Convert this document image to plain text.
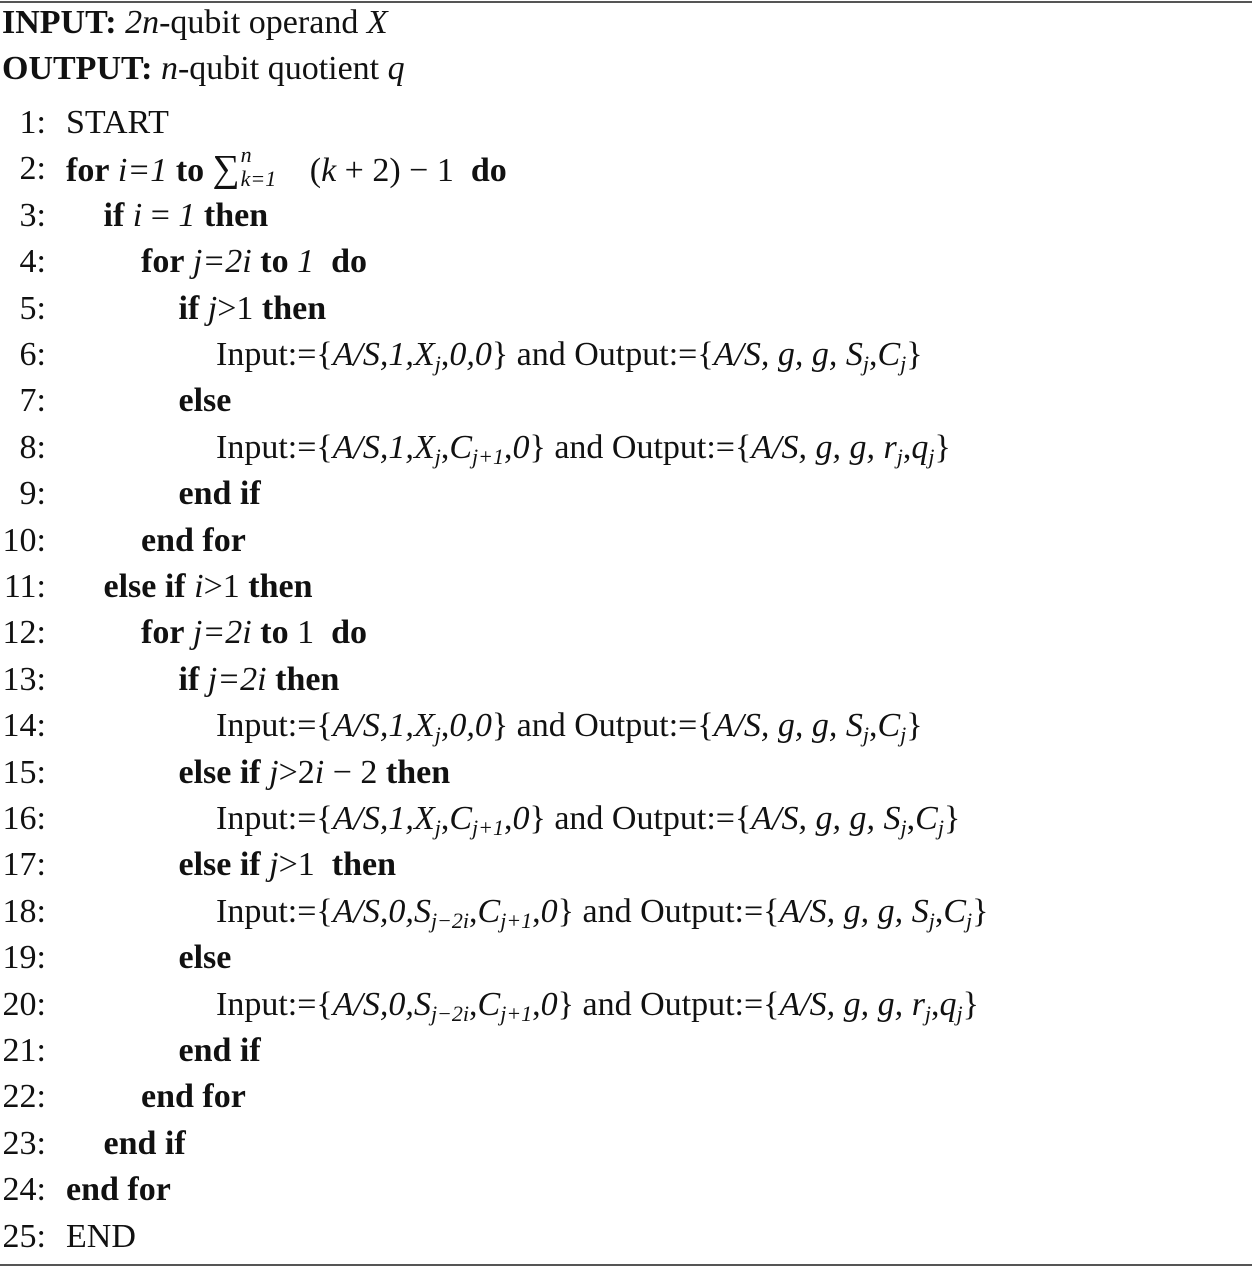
INPUT: 2n-qubit operand X
OUTPUT: n-qubit quotient q
1: START
2: for i=1 to ∑ n
k=1 (k + 2) − 1  do
3: if i = 1 then
4:	for j=2i to 1 do
5:	if j>1 then
6:	$Input:=\{A/S,1,X_j,0,0\}$ and Output:={A/S, g, g, $S_j,C_j$}
7:	else
8:	$Input:=\{A/S,1,X_j,C_{j+1},0\}$ and Output:={A/S, g, g, $r_j,q_j$}
9:	end if
10:	end for
11: else if i>1 then
12:	for j=2i to 1  do
13:	if j=2i then
14:	$Input:=\{A/S,1,X_j,0,0\}$ and Output:={A/S, g, g, $S_j,C_j$}
15:	else if j>2i − 2 then
16:	$Input:=\{A/S,1,X_j,C_{j+1},0\}$ and Output:={A/S, g, g, $S_j,C_j$}
17:	else if j>1  then
18:	$Input:=\{A/S,0,S_{j-2i},C_{j+1},0\}$ and Output:={A/S, g, g, $S_j,C_j$}
19:	else
20:	$Input:=\{A/S,0,S_{j-2i},C_{j+1},0\}$ and Output:={A/S, g, g, $r_j,q_j$}
21:	end if
22:	end for
23: end if
24: end for
25: END
